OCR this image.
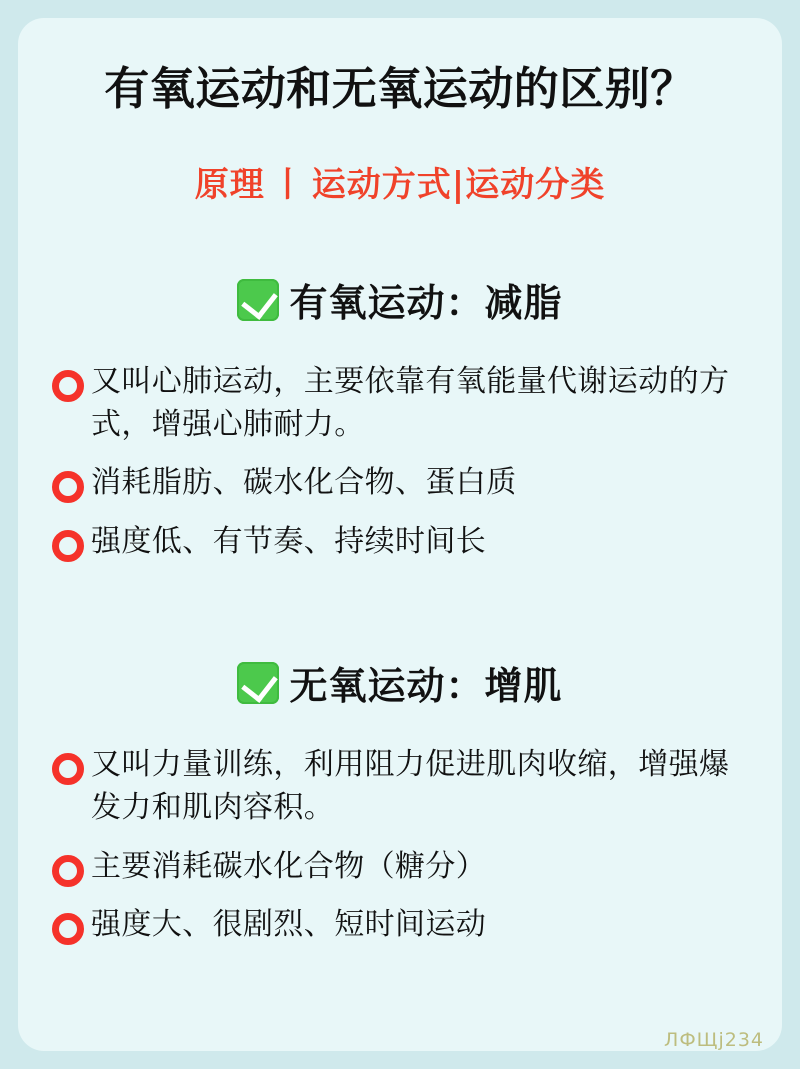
有氧运动和无氧运动的区别？
原理 丨 运动方式|运动分类
有氧运动：减脂
又叫心肺运动，主要依靠有氧能量代谢运动的方式，增强心肺耐力。
消耗脂肪、碳水化合物、蛋白质
强度低、有节奏、持续时间长
无氧运动：增肌
又叫力量训练，利用阻力促进肌肉收缩，增强爆发力和肌肉容积。
主要消耗碳水化合物（糖分）
强度大、很剧烈、短时间运动
ЛФЩj234
